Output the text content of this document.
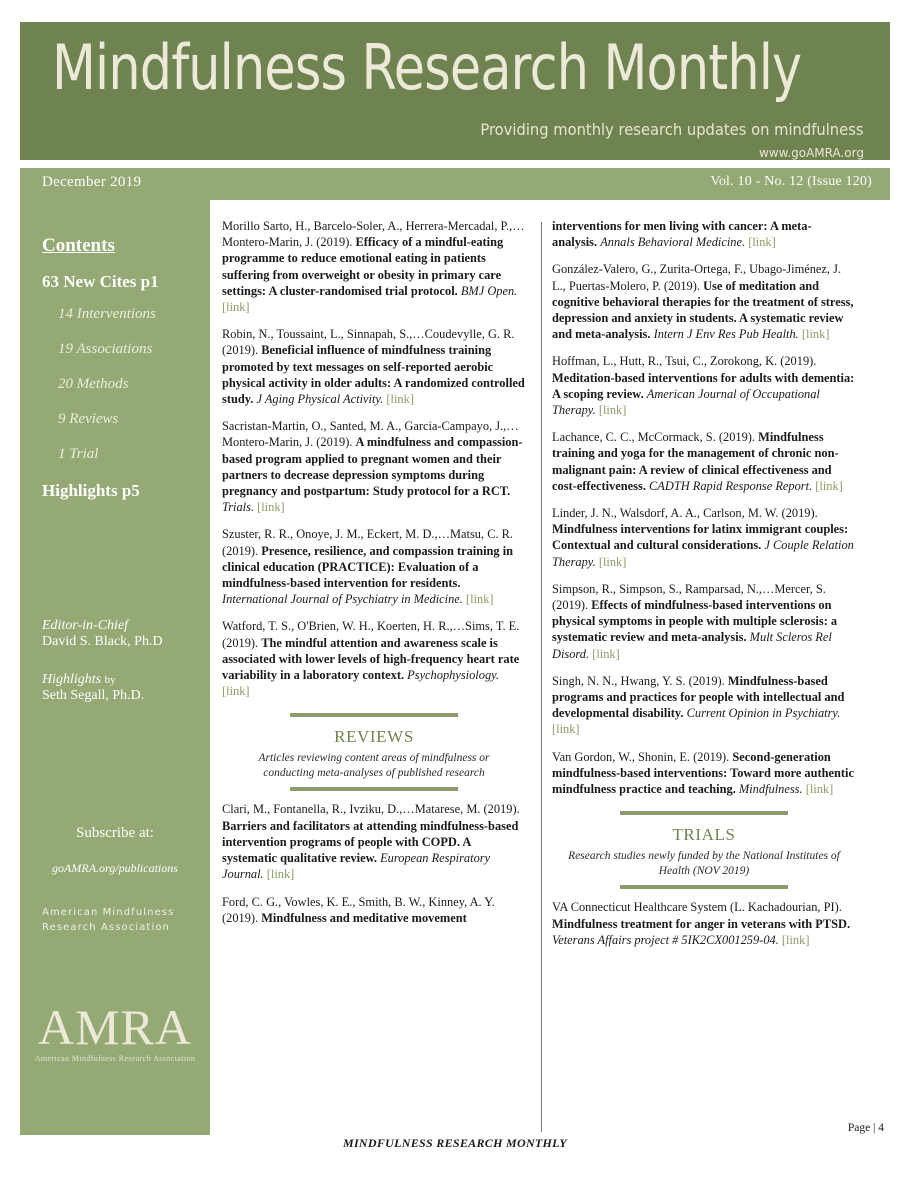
Mindfulness Research Monthly
Providing monthly research updates on mindfulness
www.goAMRA.org
December 2019	Vol. 10 - No. 12 (Issue 120)
Contents

63 New Cites p1

14 Interventions

19 Associations

20 Methods

9 Reviews

1 Trial

Highlights p5

Editor-in-Chief

David S. Black, Ph.D

Highlights by

Seth Segall, Ph.D.

Subscribe at:
goAMRA.org/publications
American Mindfulness
Research Association
AMRA
American Mindfulness Research Association

Morillo Sarto, H., Barcelo-Soler, A., Herrera-Mercadal, P.,…Montero-Marin, J. (2019). Efficacy of a mindful-eating programme to reduce emotional eating in patients suffering from overweight or obesity in primary care settings: A cluster-randomised trial protocol. BMJ Open. [link]

Robin, N., Toussaint, L., Sinnapah, S.,…Coudevylle, G. R. (2019). Beneficial influence of mindfulness training promoted by text messages on self-reported aerobic physical activity in older adults: A randomized controlled study. J Aging Physical Activity. [link]

Sacristan-Martin, O., Santed, M. A., Garcia-Campayo, J.,…Montero-Marin, J. (2019). A mindfulness and compassion-based program applied to pregnant women and their partners to decrease depression symptoms during pregnancy and postpartum: Study protocol for a RCT. Trials. [link]

Szuster, R. R., Onoye, J. M., Eckert, M. D.,…Matsu, C. R. (2019). Presence, resilience, and compassion training in clinical education (PRACTICE): Evaluation of a mindfulness-based intervention for residents. International Journal of Psychiatry in Medicine. [link]

Watford, T. S., O'Brien, W. H., Koerten, H. R.,…Sims, T. E. (2019). The mindful attention and awareness scale is associated with lower levels of high-frequency heart rate variability in a laboratory context. Psychophysiology. [link]

REVIEWS

Articles reviewing content areas of mindfulness or conducting meta-analyses of published research

Clari, M., Fontanella, R., Ivziku, D.,…Matarese, M. (2019). Barriers and facilitators at attending mindfulness-based intervention programs of people with COPD. A systematic qualitative review. European Respiratory Journal. [link]

Ford, C. G., Vowles, K. E., Smith, B. W., Kinney, A. Y. (2019). Mindfulness and meditative movement

interventions for men living with cancer: A meta-analysis. Annals Behavioral Medicine. [link]

González-Valero, G., Zurita-Ortega, F., Ubago-Jiménez, J. L., Puertas-Molero, P. (2019). Use of meditation and cognitive behavioral therapies for the treatment of stress, depression and anxiety in students. A systematic review and meta-analysis. Intern J Env Res Pub Health. [link]

Hoffman, L., Hutt, R., Tsui, C., Zorokong, K. (2019). Meditation-based interventions for adults with dementia: A scoping review. American Journal of Occupational Therapy. [link]

Lachance, C. C., McCormack, S. (2019). Mindfulness training and yoga for the management of chronic non-malignant pain: A review of clinical effectiveness and cost-effectiveness. CADTH Rapid Response Report. [link]

Linder, J. N., Walsdorf, A. A., Carlson, M. W. (2019). Mindfulness interventions for latinx immigrant couples: Contextual and cultural considerations. J Couple Relation Therapy. [link]

Simpson, R., Simpson, S., Ramparsad, N.,…Mercer, S. (2019). Effects of mindfulness-based interventions on physical symptoms in people with multiple sclerosis: a systematic review and meta-analysis. Mult Scleros Rel Disord. [link]

Singh, N. N., Hwang, Y. S. (2019). Mindfulness-based programs and practices for people with intellectual and developmental disability. Current Opinion in Psychiatry. [link]

Van Gordon, W., Shonin, E. (2019). Second-generation mindfulness-based interventions: Toward more authentic mindfulness practice and teaching. Mindfulness. [link]

TRIALS

Research studies newly funded by the National Institutes of Health (NOV 2019)

VA Connecticut Healthcare System (L. Kachadourian, PI). Mindfulness treatment for anger in veterans with PTSD. Veterans Affairs project # 5IK2CX001259-04. [link]

MINDFULNESS RESEARCH MONTHLY
Page | 4
